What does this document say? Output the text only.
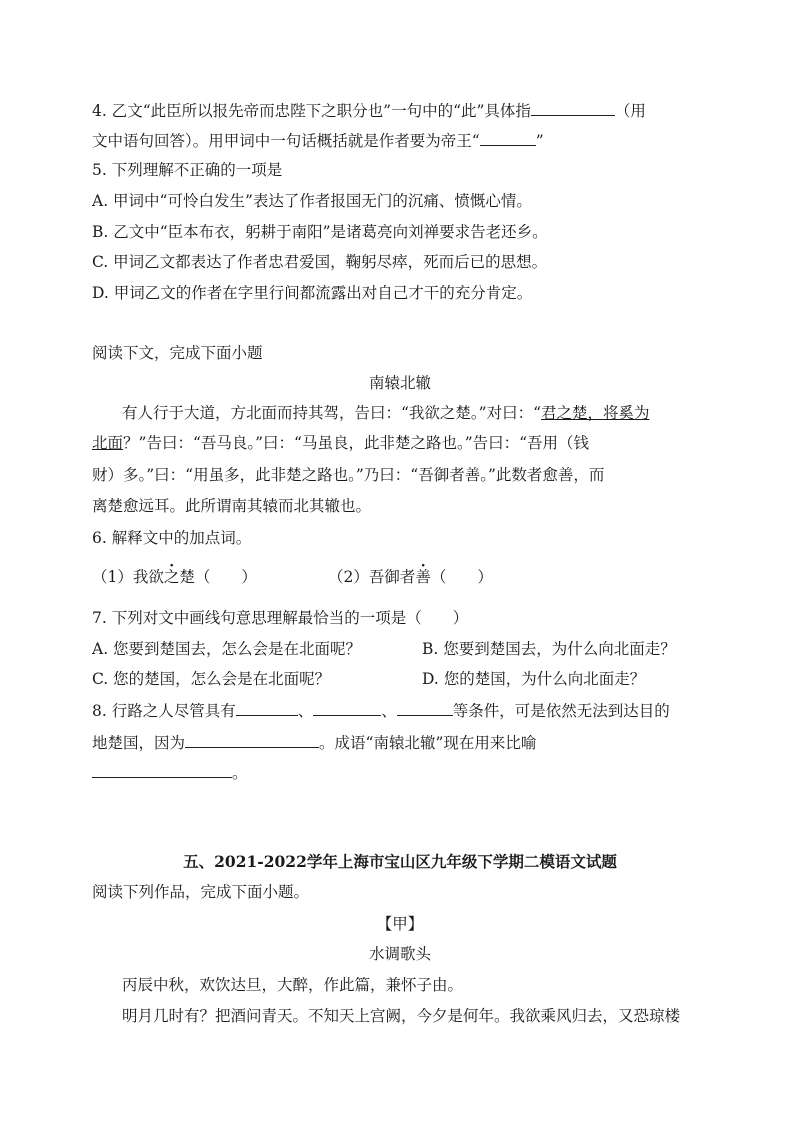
4. 乙文“此臣所以报先帝而忠陛下之职分也”一句中的“此”具体指	（用
文中语句回答）。用甲词中一句话概括就是作者要为帝王“	”
5. 下列理解不正确的一项是
A. 甲词中“可怜白发生”表达了作者报国无门的沉痛、愤慨心情。
B. 乙文中“臣本布衣，躬耕于南阳”是诸葛亮向刘禅要求告老还乡。
C. 甲词乙文都表达了作者忠君爱国，鞠躬尽瘁，死而后已的思想。
D. 甲词乙文的作者在字里行间都流露出对自己才干的充分肯定。
阅读下文，完成下面小题
南辕北辙
有人行于大道，方北面而持其驾，告曰：“我欲之楚。”对曰：“君之楚，将奚为
北面？”告曰：“吾马良。”曰：“马虽良，此非楚之路也。”告曰：“吾用（钱
财）多。”曰：“用虽多，此非楚之路也。”乃曰：“吾御者善。”此数者愈善，而
离楚愈远耳。此所谓南其辕而北其辙也。
6. 解释文中的加点词。
（1）我欲之楚（　　）	（2）吾御者善（　　）
7. 下列对文中画线句意思理解最恰当的一项是（　　）
A. 您要到楚国去，怎么会是在北面呢？	B. 您要到楚国去，为什么向北面走？
C. 您的楚国，怎么会是在北面呢？	D. 您的楚国，为什么向北面走？
8. 行路之人尽管具有	、	、	等条件，可是依然无法到达目的
地楚国，因为	。成语“南辕北辙”现在用来比喻
。
五、2021-2022学年上海市宝山区九年级下学期二模语文试题
阅读下列作品，完成下面小题。
【甲】
水调歌头
丙辰中秋，欢饮达旦，大醉，作此篇，兼怀子由。
明月几时有？把酒问青天。不知天上宫阙，今夕是何年。我欲乘风归去，又恐琼楼
